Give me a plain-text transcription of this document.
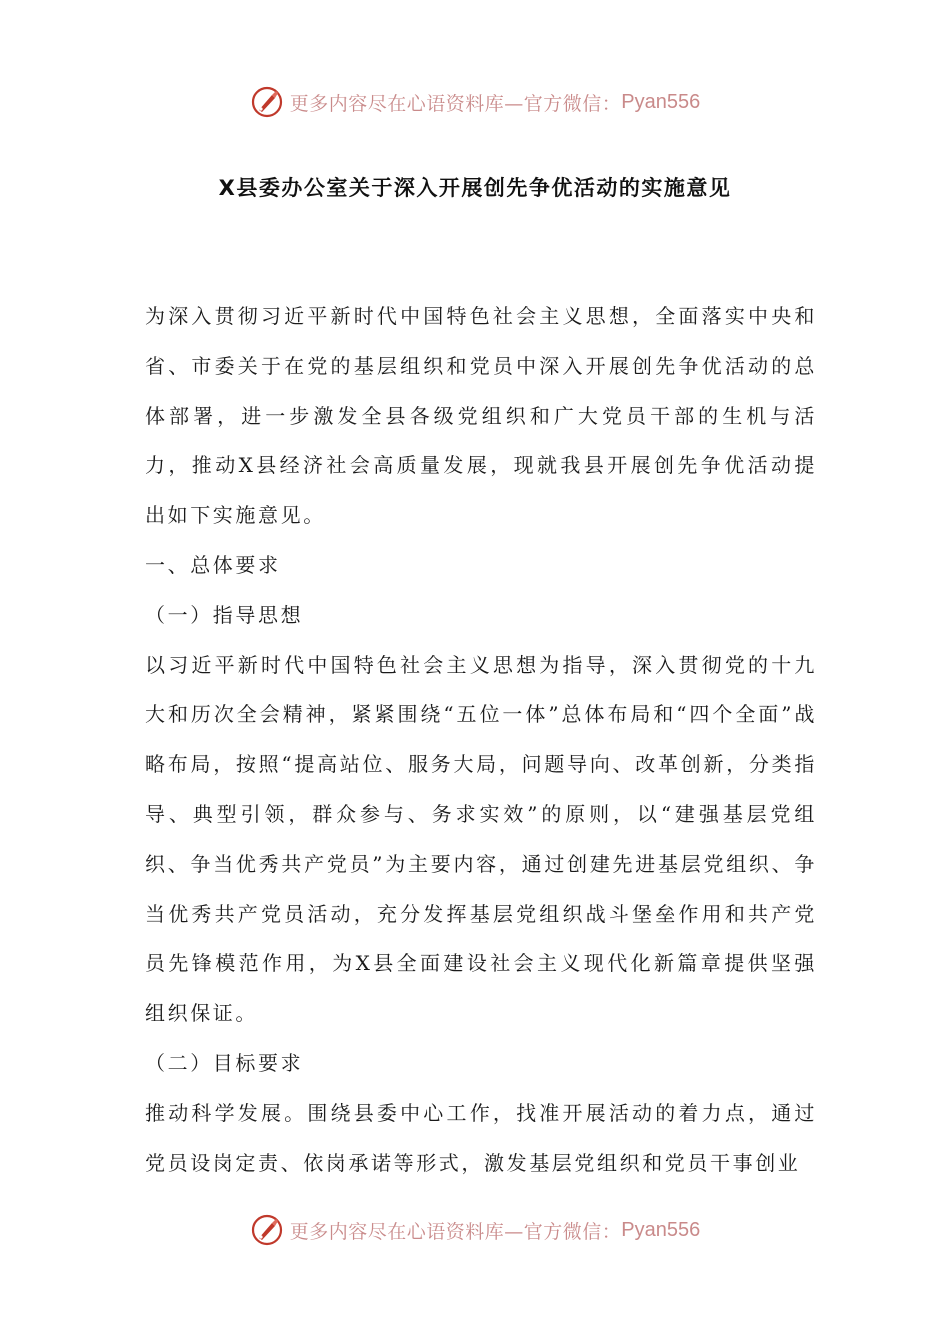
更多内容尽在心语资料库—官方微信： Pyan556
X县委办公室关于深入开展创先争优活动的实施意见

为深入贯彻习近平新时代中国特色社会主义思想，全面落实中央和省、市委关于在党的基层组织和党员中深入开展创先争优活动的总体部署，进一步激发全县各级党组织和广大党员干部的生机与活力，推动X县经济社会高质量发展，现就我县开展创先争优活动提出如下实施意见。

一、总体要求

（一）指导思想

以习近平新时代中国特色社会主义思想为指导，深入贯彻党的十九大和历次全会精神，紧紧围绕“五位一体”总体布局和“四个全面”战略布局，按照“提高站位、服务大局，问题导向、改革创新，分类指导、典型引领，群众参与、务求实效”的原则，以“建强基层党组织、争当优秀共产党员”为主要内容，通过创建先进基层党组织、争当优秀共产党员活动，充分发挥基层党组织战斗堡垒作用和共产党员先锋模范作用，为X县全面建设社会主义现代化新篇章提供坚强组织保证。

（二）目标要求

推动科学发展。围绕县委中心工作，找准开展活动的着力点，通过党员设岗定责、依岗承诺等形式，激发基层党组织和党员干事创业

更多内容尽在心语资料库—官方微信： Pyan556
